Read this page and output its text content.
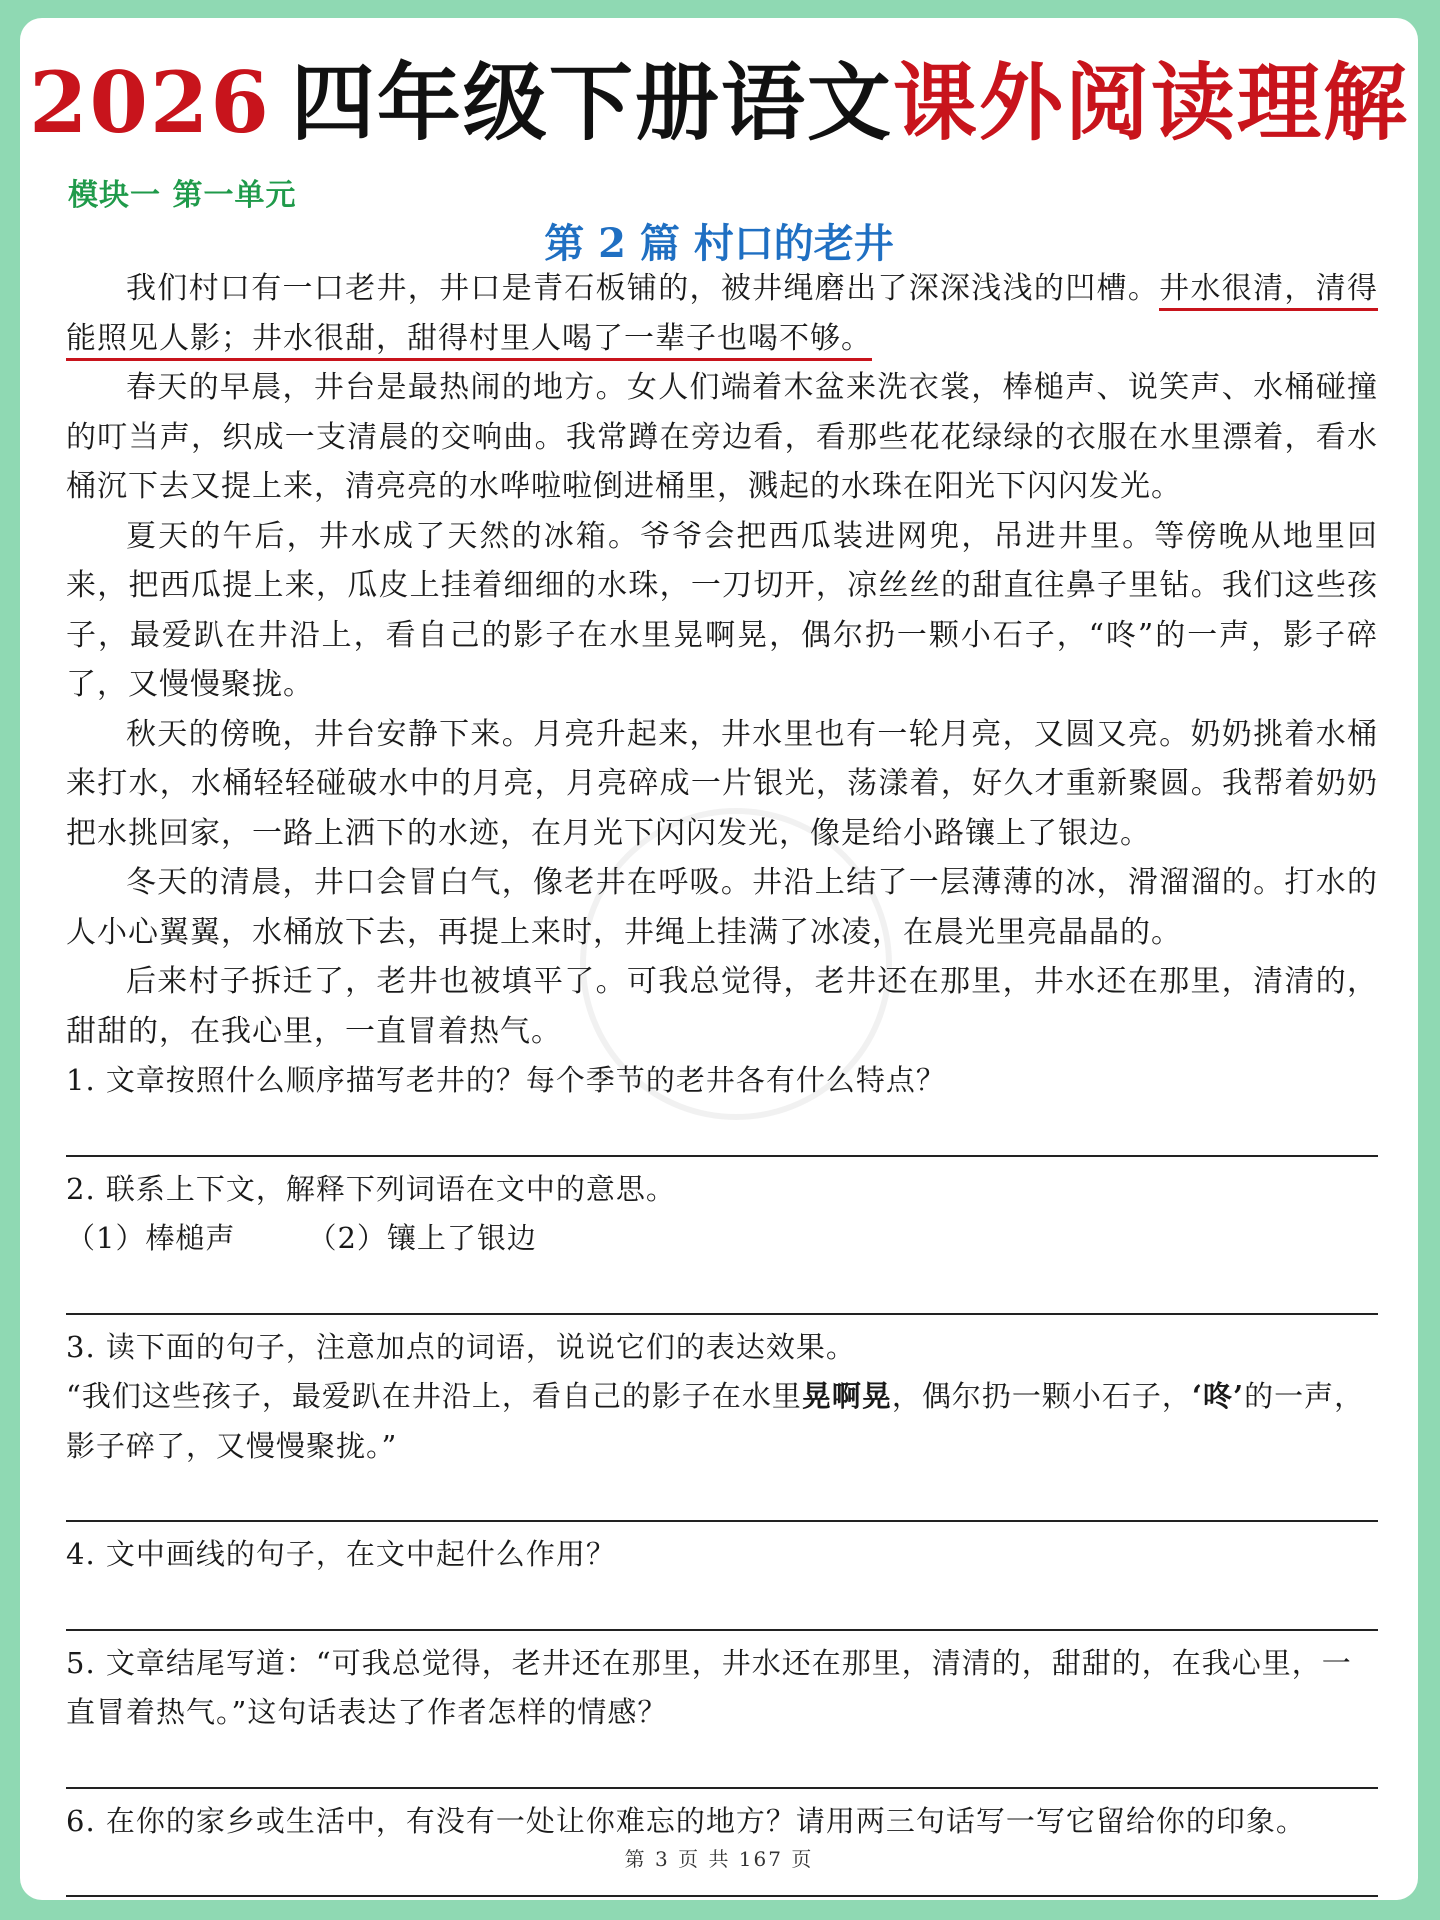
2026 四年级下册语文课外阅读理解
模块一 第一单元
第 2 篇 村口的老井

我们村口有一口老井，井口是青石板铺的，被井绳磨出了深深浅浅的凹槽。井水很清，清得能照见人影；井水很甜，甜得村里人喝了一辈子也喝不够。

春天的早晨，井台是最热闹的地方。女人们端着木盆来洗衣裳，棒槌声、说笑声、水桶碰撞的叮当声，织成一支清晨的交响曲。我常蹲在旁边看，看那些花花绿绿的衣服在水里漂着，看水桶沉下去又提上来，清亮亮的水哗啦啦倒进桶里，溅起的水珠在阳光下闪闪发光。

夏天的午后，井水成了天然的冰箱。爷爷会把西瓜装进网兜，吊进井里。等傍晚从地里回来，把西瓜提上来，瓜皮上挂着细细的水珠，一刀切开，凉丝丝的甜直往鼻子里钻。我们这些孩子，最爱趴在井沿上，看自己的影子在水里晃啊晃，偶尔扔一颗小石子，“咚”的一声，影子碎了，又慢慢聚拢。

秋天的傍晚，井台安静下来。月亮升起来，井水里也有一轮月亮，又圆又亮。奶奶挑着水桶来打水，水桶轻轻碰破水中的月亮，月亮碎成一片银光，荡漾着，好久才重新聚圆。我帮着奶奶把水挑回家，一路上洒下的水迹，在月光下闪闪发光，像是给小路镶上了银边。

冬天的清晨，井口会冒白气，像老井在呼吸。井沿上结了一层薄薄的冰，滑溜溜的。打水的人小心翼翼，水桶放下去，再提上来时，井绳上挂满了冰凌，在晨光里亮晶晶的。

后来村子拆迁了，老井也被填平了。可我总觉得，老井还在那里，井水还在那里，清清的，甜甜的，在我心里，一直冒着热气。

1. 文章按照什么顺序描写老井的？每个季节的老井各有什么特点？

2. 联系上下文，解释下列词语在文中的意思。

（1）棒槌声 （2）镶上了银边

3. 读下面的句子，注意加点的词语，说说它们的表达效果。

“我们这些孩子，最爱趴在井沿上，看自己的影子在水里晃啊晃，偶尔扔一颗小石子，‘咚’的一声，影子碎了，又慢慢聚拢。”

4. 文中画线的句子，在文中起什么作用？

5. 文章结尾写道：“可我总觉得，老井还在那里，井水还在那里，清清的，甜甜的，在我心里，一直冒着热气。”这句话表达了作者怎样的情感？

6. 在你的家乡或生活中，有没有一处让你难忘的地方？请用两三句话写一写它留给你的印象。

第 3 页 共 167 页
